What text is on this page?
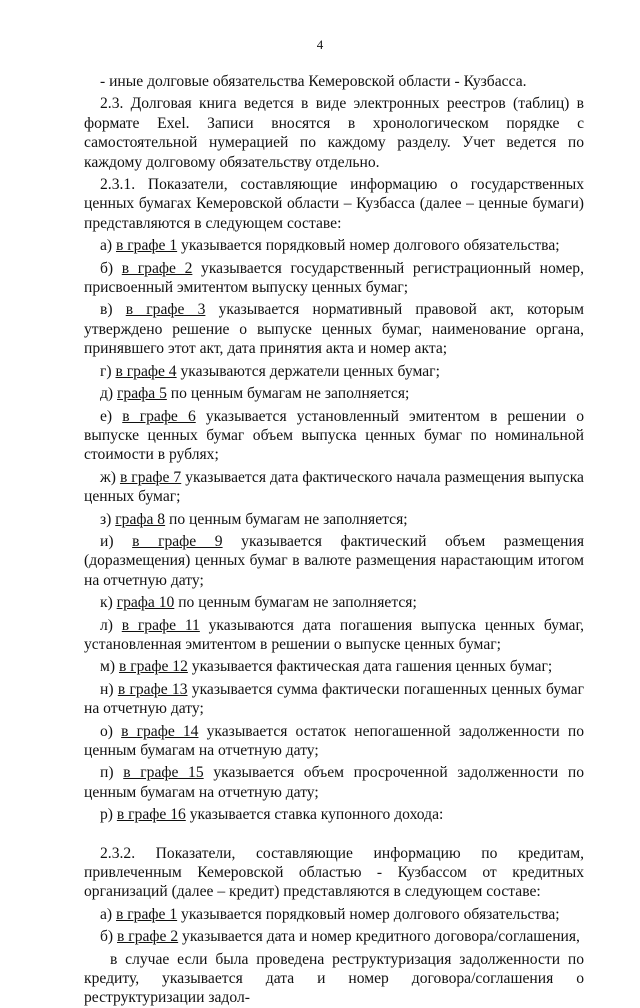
4

- иные долговые обязательства Кемеровской области - Кузбасса.

2.3. Долговая книга ведется в виде электронных реестров (таблиц) в формате Exel. Записи вносятся в хронологическом порядке с самостоятельной нумерацией по каждому разделу. Учет ведется по каждому долговому обязательству отдельно.

2.3.1. Показатели, составляющие информацию о государственных ценных бумагах Кемеровской области – Кузбасса (далее – ценные бумаги) представляются в следующем составе:

а) в графе 1 указывается порядковый номер долгового обязательства;

б) в графе 2 указывается государственный регистрационный номер, присвоенный эмитентом выпуску ценных бумаг;

в) в графе 3 указывается нормативный правовой акт, которым утверждено решение о выпуске ценных бумаг, наименование органа, принявшего этот акт, дата принятия акта и номер акта;

г) в графе 4 указываются держатели ценных бумаг;

д) графа 5 по ценным бумагам не заполняется;

е) в графе 6 указывается установленный эмитентом в решении о выпуске ценных бумаг объем выпуска ценных бумаг по номинальной стоимости в рублях;

ж) в графе 7 указывается дата фактического начала размещения выпуска ценных бумаг;

з) графа 8 по ценным бумагам не заполняется;

и) в графе 9 указывается фактический объем размещения (доразмещения) ценных бумаг в валюте размещения нарастающим итогом на отчетную дату;

к) графа 10 по ценным бумагам не заполняется;

л) в графе 11 указываются дата погашения выпуска ценных бумаг, установленная эмитентом в решении о выпуске ценных бумаг;

м) в графе 12 указывается фактическая дата гашения ценных бумаг;

н) в графе 13 указывается сумма фактически погашенных ценных бумаг на отчетную дату;

о) в графе 14 указывается остаток непогашенной задолженности по ценным бумагам на отчетную дату;

п) в графе 15 указывается объем просроченной задолженности по ценным бумагам на отчетную дату;

р) в графе 16 указывается ставка купонного дохода:

2.3.2. Показатели, составляющие информацию по кредитам, привлеченным Кемеровской областью - Кузбассом от кредитных организаций (далее – кредит) представляются в следующем составе:

а) в графе 1 указывается порядковый номер долгового обязательства;

б) в графе 2 указывается дата и номер кредитного договора/соглашения,

в случае если была проведена реструктуризация задолженности по кредиту, указывается дата и номер договора/соглашения о реструктуризации задол-
